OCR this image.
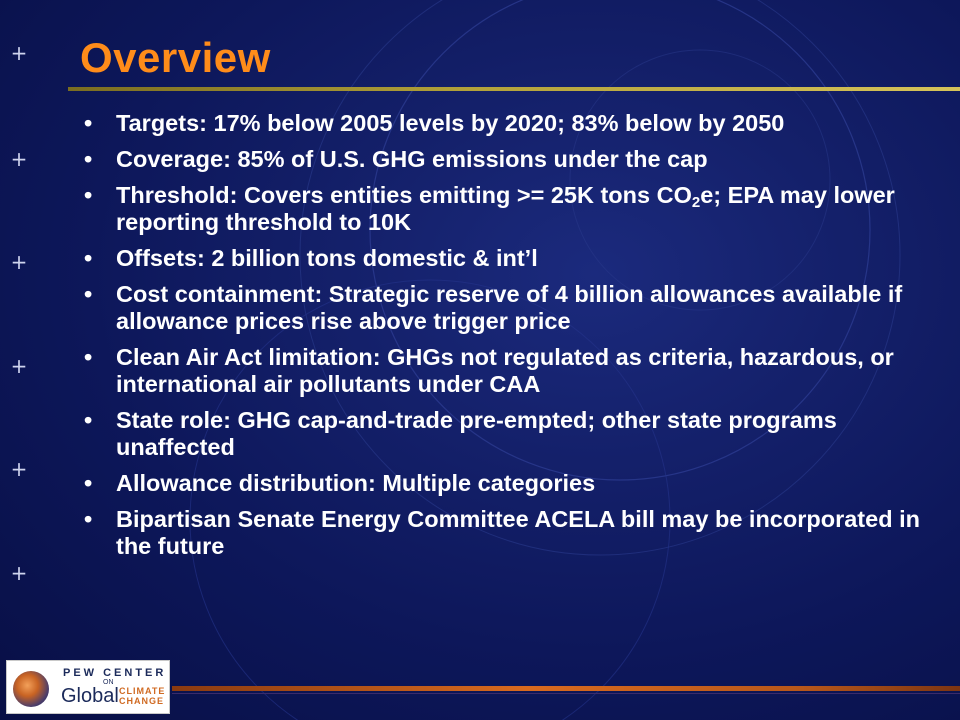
+
+
+
+
+
+
Overview
• Targets: 17% below 2005 levels by 2020; 83% below by 2050
• Coverage: 85% of U.S. GHG emissions under the cap
• Threshold: Covers entities emitting >= 25K tons $CO_2e$; EPA may lower reporting threshold to 10K
• Offsets: 2 billion tons domestic & int’l
• Cost containment: Strategic reserve of 4 billion allowances available if allowance prices rise above trigger price
• Clean Air Act limitation: GHGs not regulated as criteria, hazardous, or international air pollutants under CAA
• State role: GHG cap-and-trade pre-empted; other state programs unaffected
• Allowance distribution: Multiple categories
• Bipartisan Senate Energy Committee ACELA bill may be incorporated in the future
PEW CENTER
ON
Global CLIMATE
CHANGE
